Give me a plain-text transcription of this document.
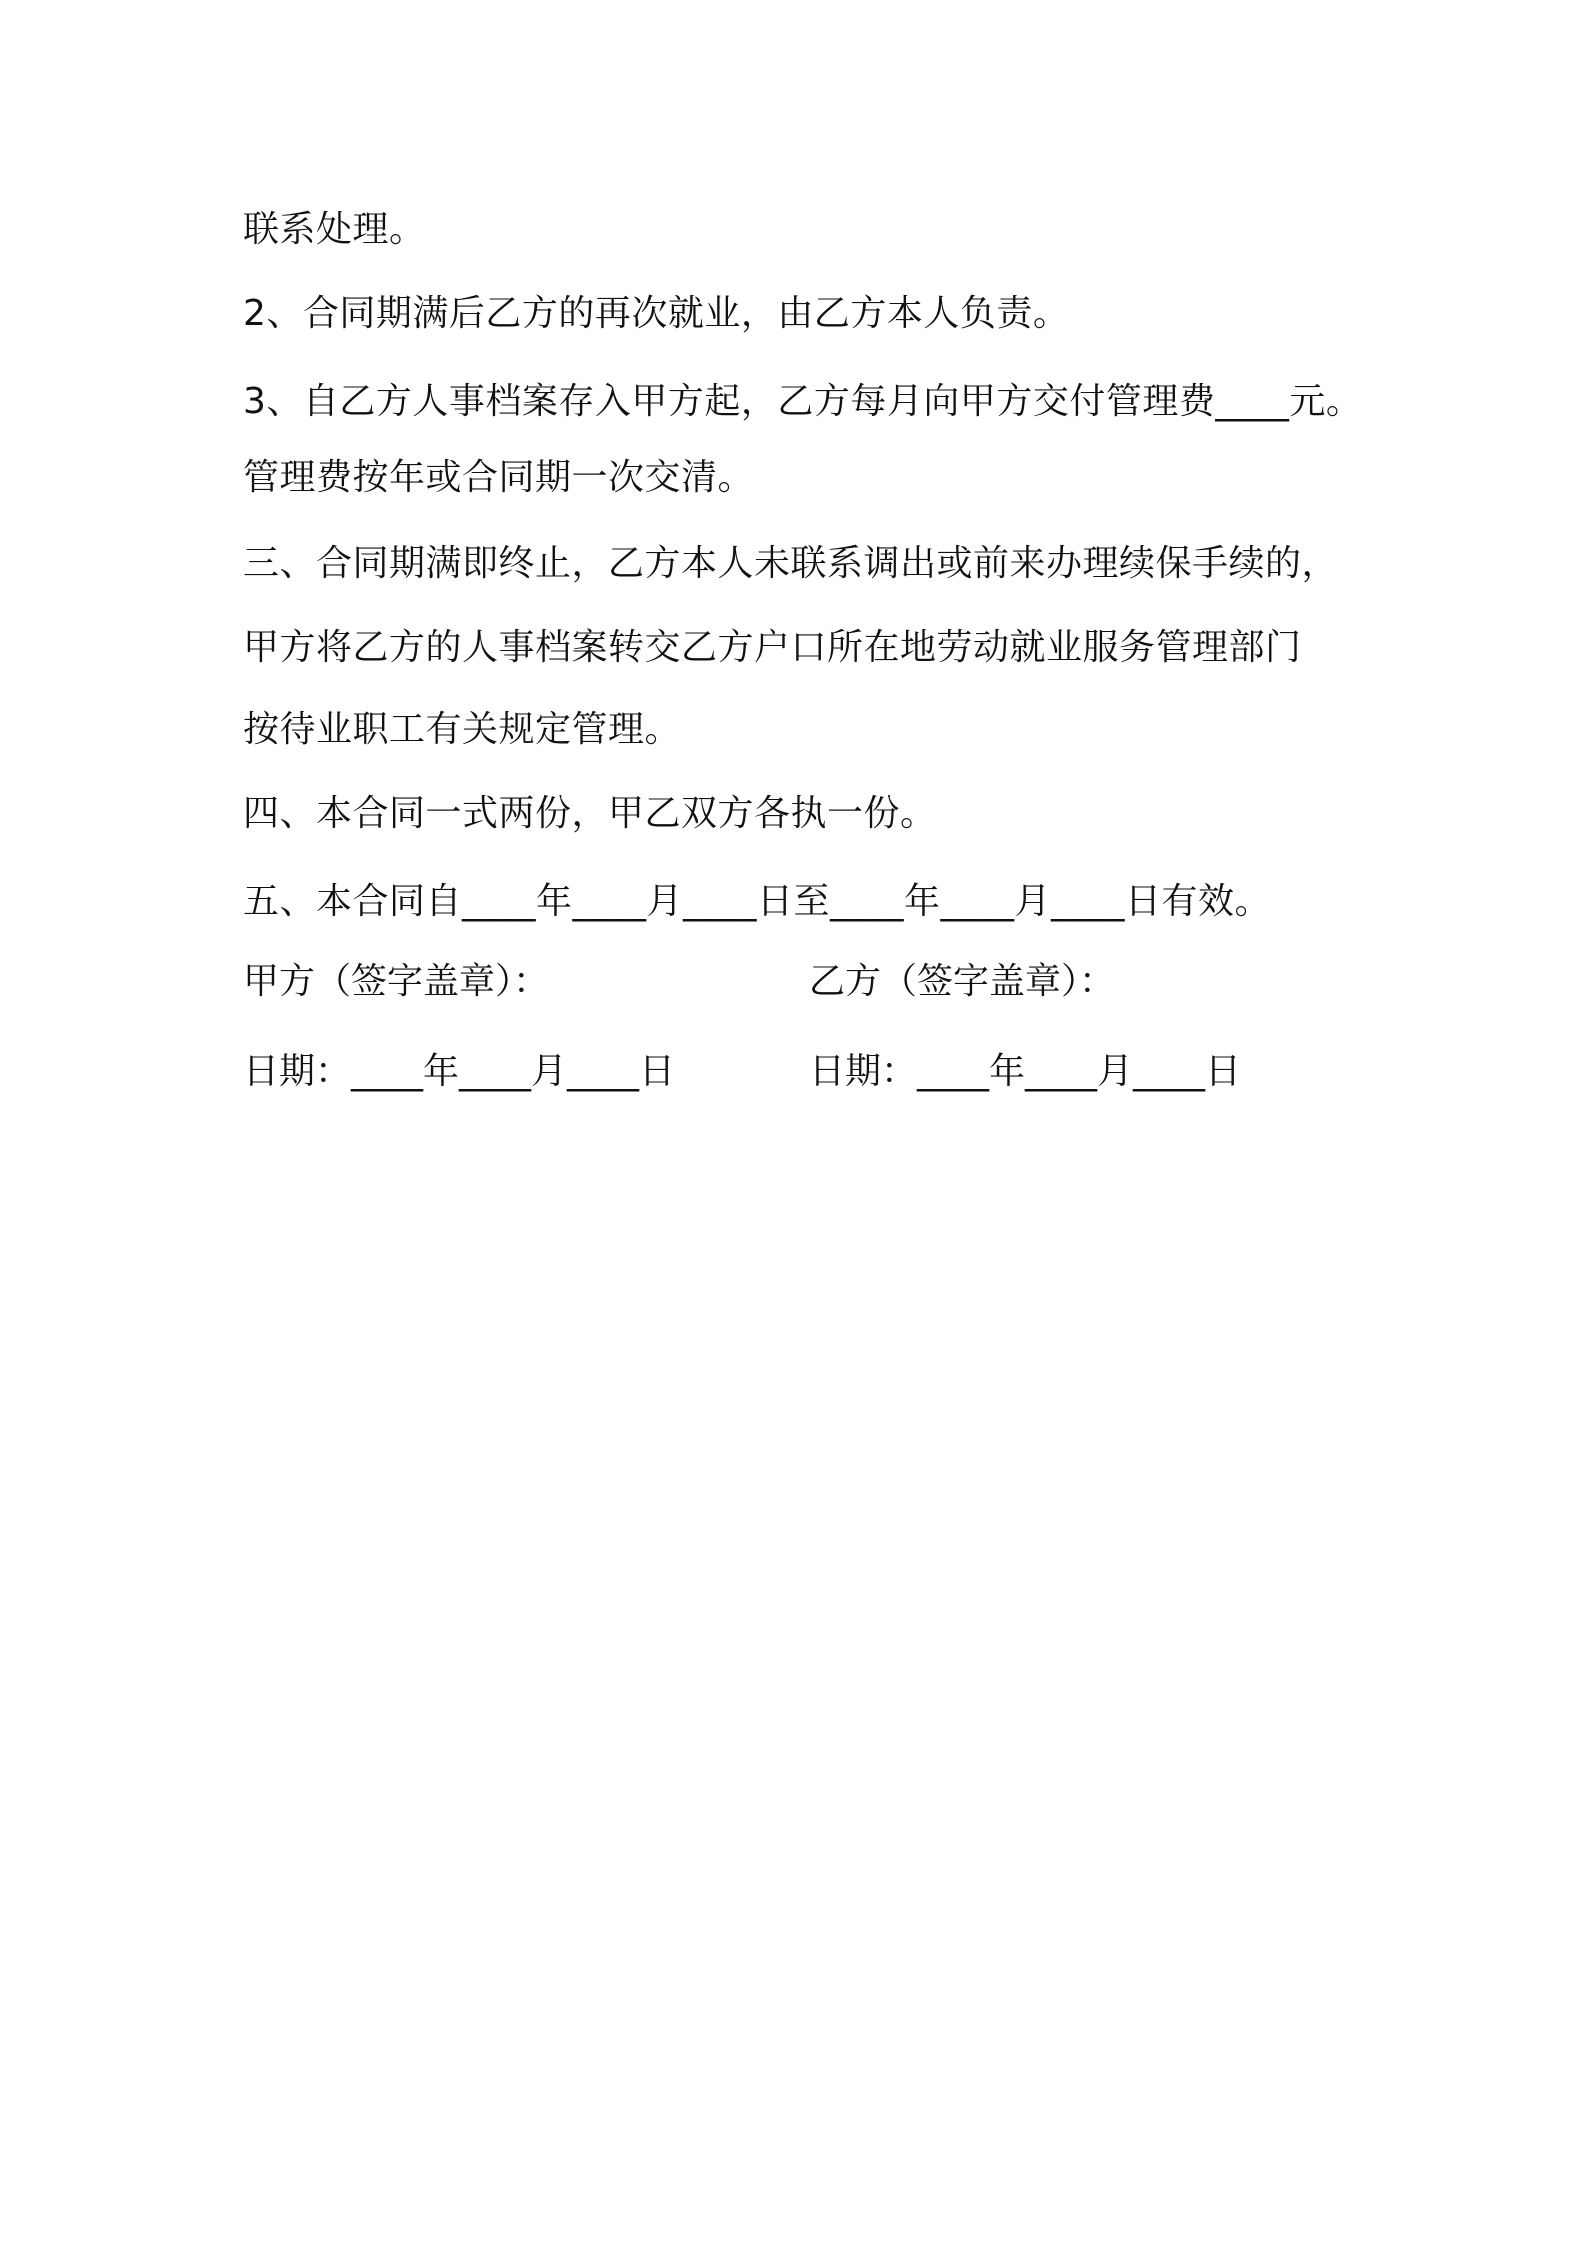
联系处理。
2、合同期满后乙方的再次就业，由乙方本人负责。
3、自乙方人事档案存入甲方起，乙方每月向甲方交付管理费____元。
管理费按年或合同期一次交清。
三、合同期满即终止，乙方本人未联系调出或前来办理续保手续的，
甲方将乙方的人事档案转交乙方户口所在地劳动就业服务管理部门
按待业职工有关规定管理。
四、本合同一式两份，甲乙双方各执一份。
五、本合同自____年____月____日至____年____月____日有效。
甲方（签字盖章）：	乙方（签字盖章）：
日期：____年____月____日	日期：____年____月____日
